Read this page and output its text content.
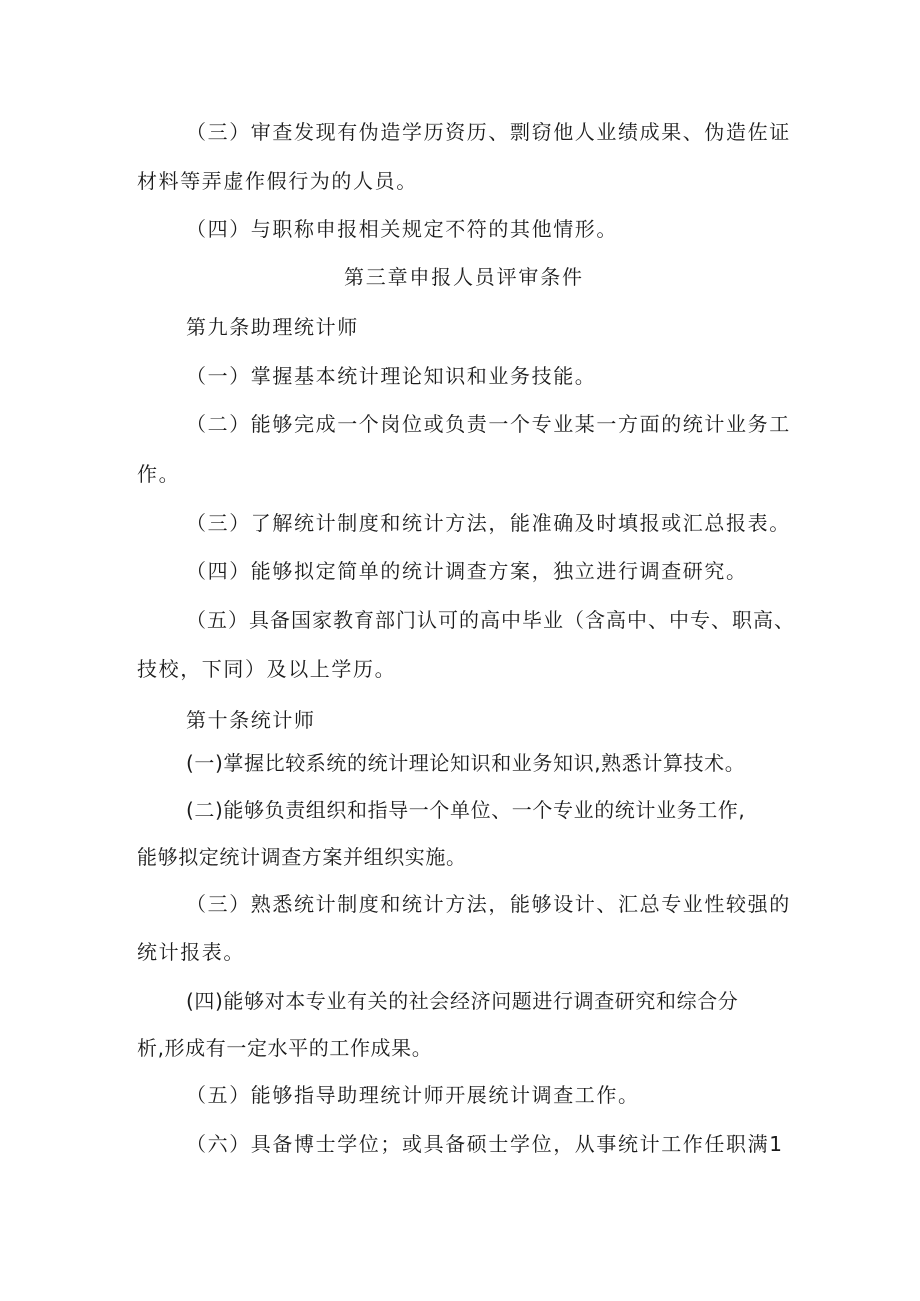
（三）审查发现有伪造学历资历、剽窃他人业绩成果、伪造佐证

材料等弄虚作假行为的人员。

（四）与职称申报相关规定不符的其他情形。

第三章申报人员评审条件

第九条助理统计师

（一）掌握基本统计理论知识和业务技能。

（二）能够完成一个岗位或负责一个专业某一方面的统计业务工

作。

（三）了解统计制度和统计方法，能准确及时填报或汇总报表。

（四）能够拟定简单的统计调查方案，独立进行调查研究。

（五）具备国家教育部门认可的高中毕业（含高中、中专、职高、

技校，下同）及以上学历。

第十条统计师

(一)掌握比较系统的统计理论知识和业务知识,熟悉计算技术。

(二)能够负责组织和指导一个单位、一个专业的统计业务工作,

能够拟定统计调查方案并组织实施。

（三）熟悉统计制度和统计方法，能够设计、汇总专业性较强的

统计报表。

(四)能够对本专业有关的社会经济问题进行调查研究和综合分

析,形成有一定水平的工作成果。

（五）能够指导助理统计师开展统计调查工作。

（六）具备博士学位；或具备硕士学位，从事统计工作任职满1
